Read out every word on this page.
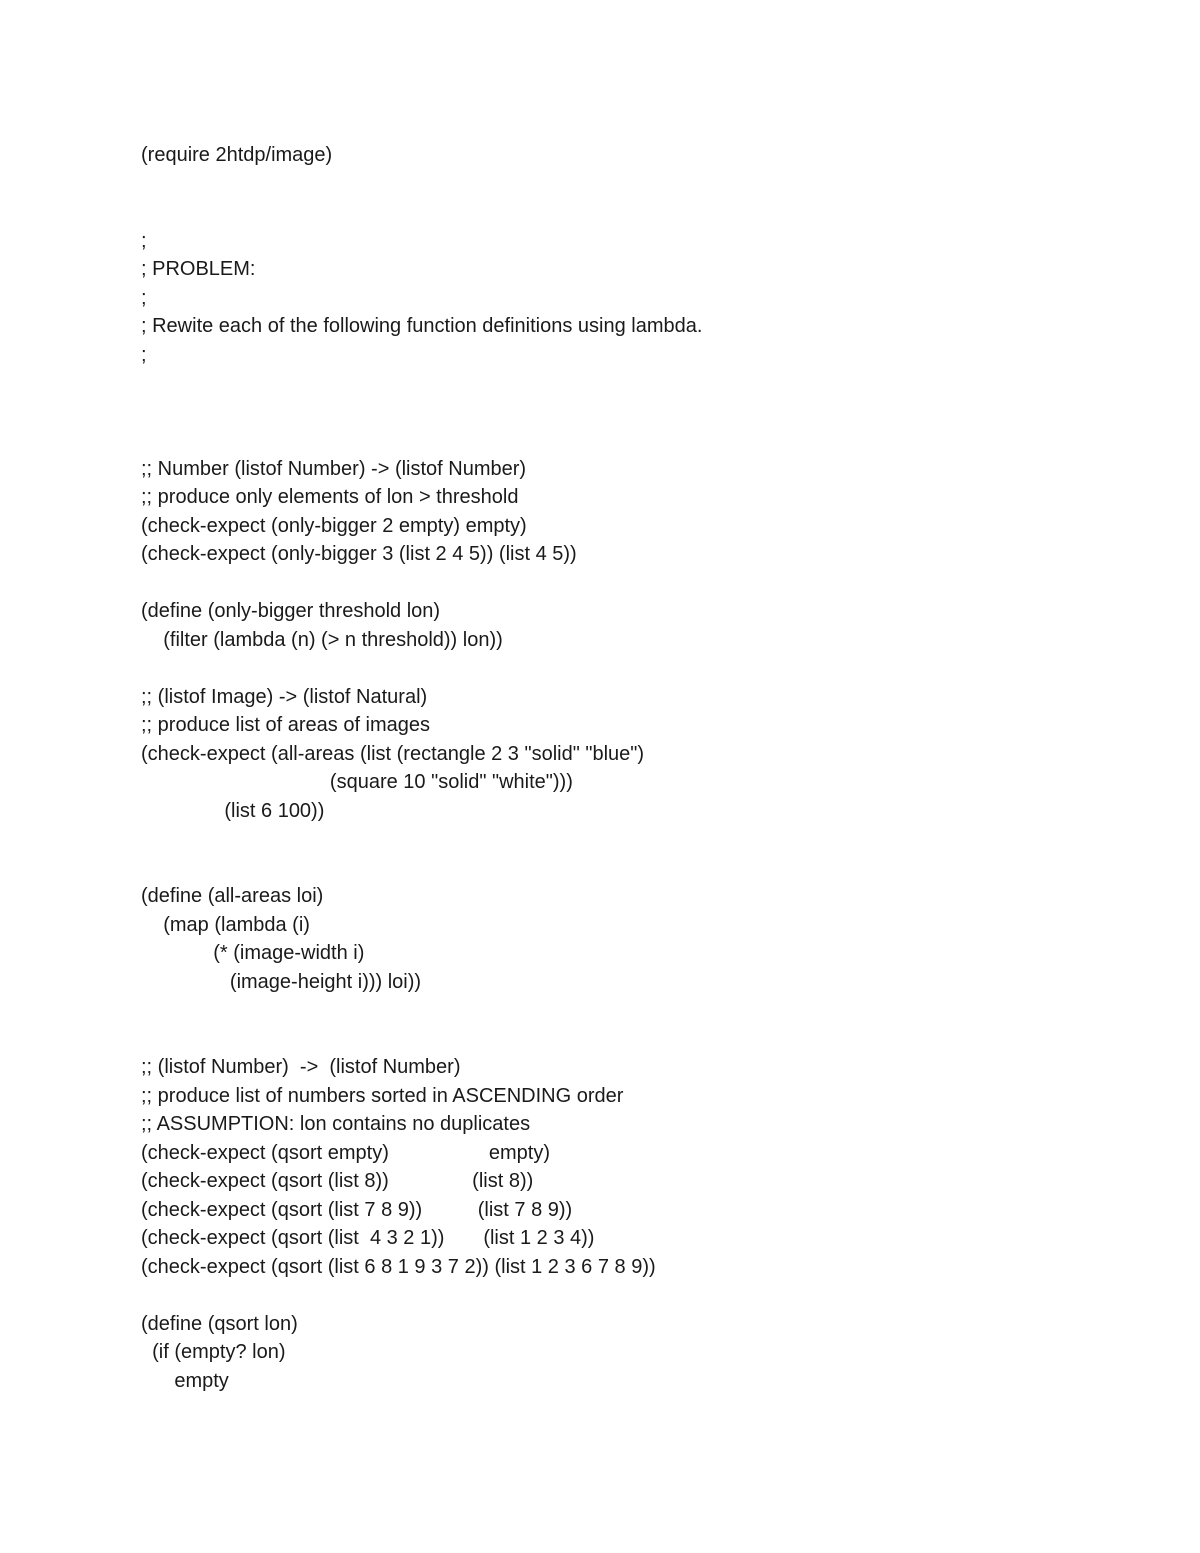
(require 2htdp/image)
;
; PROBLEM:
;
; Rewite each of the following function definitions using lambda.
;
;; Number (listof Number) -> (listof Number)
;; produce only elements of lon > threshold
(check-expect (only-bigger 2 empty) empty)
(check-expect (only-bigger 3 (list 2 4 5)) (list 4 5))
(define (only-bigger threshold lon)
(filter (lambda (n) (> n threshold)) lon))
;; (listof Image) -> (listof Natural)
;; produce list of areas of images
(check-expect (all-areas (list (rectangle 2 3 "solid" "blue")
(square 10 "solid" "white")))
(list 6 100))
(define (all-areas loi)
(map (lambda (i)
(* (image-width i)
(image-height i))) loi))
;; (listof Number)  ->  (listof Number)
;; produce list of numbers sorted in ASCENDING order
;; ASSUMPTION: lon contains no duplicates
(check-expect (qsort empty)                  empty)
(check-expect (qsort (list 8))               (list 8))
(check-expect (qsort (list 7 8 9))          (list 7 8 9))
(check-expect (qsort (list  4 3 2 1))       (list 1 2 3 4))
(check-expect (qsort (list 6 8 1 9 3 7 2)) (list 1 2 3 6 7 8 9))
(define (qsort lon)
(if (empty? lon)
empty
